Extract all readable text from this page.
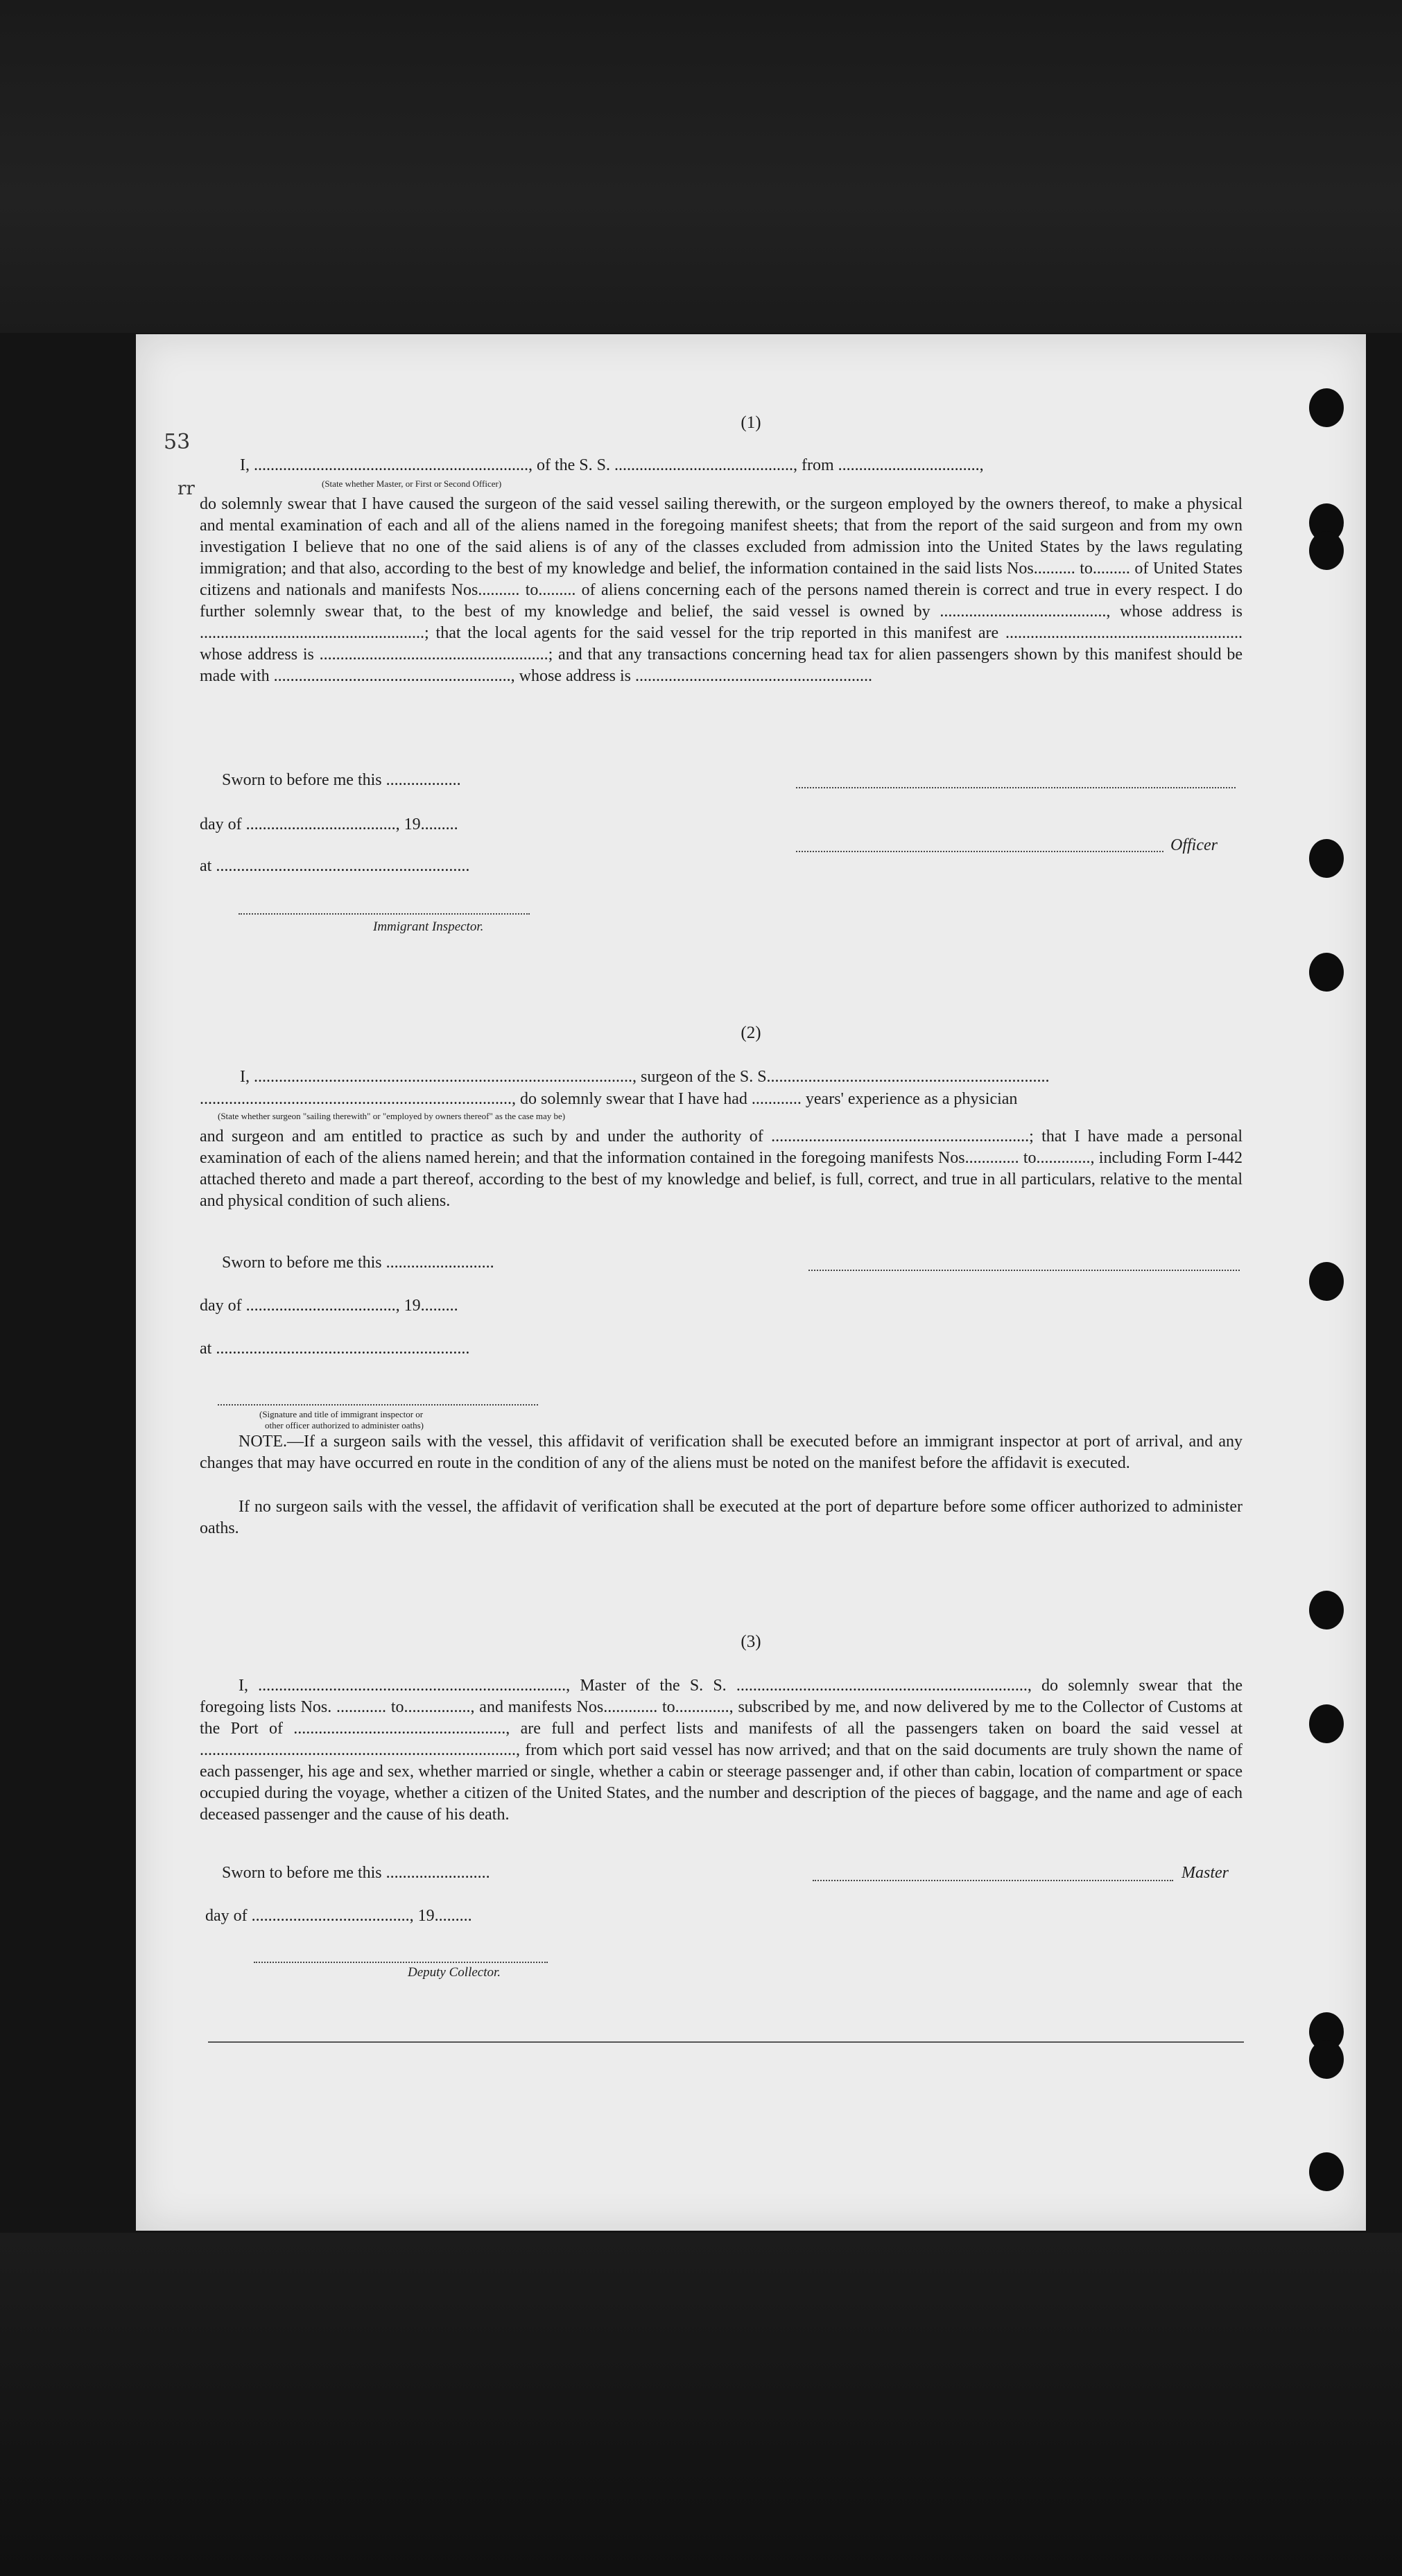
53
rr
(1)
I, .................................................................., of the S. S. ..........................................., from ..................................,
(State whether Master, or First or Second Officer)
do solemnly swear that I have caused the surgeon of the said vessel sailing therewith, or the surgeon employed by the owners thereof, to make a physical and mental examination of each and all of the aliens named in the foregoing manifest sheets; that from the report of the said surgeon and from my own investigation I believe that no one of the said aliens is of any of the classes excluded from admission into the United States by the laws regulating immigration; and that also, according to the best of my knowledge and belief, the information contained in the said lists Nos.......... to......... of United States citizens and nationals and manifests Nos.......... to......... of aliens concerning each of the persons named therein is correct and true in every respect. I do further solemnly swear that, to the best of my knowledge and belief, the said vessel is owned by ........................................, whose address is ......................................................; that the local agents for the said vessel for the trip reported in this manifest are ......................................................... whose address is .......................................................; and that any transactions concerning head tax for alien passengers shown by this manifest should be made with ........................................................., whose address is .........................................................
Sworn to before me this ..................
day of ...................................., 19.........
at .............................................................
Immigrant Inspector.
Officer
(2)
I, ..........................................................................................., surgeon of the S. S....................................................................
..........................................................................., do solemnly swear that I have had ............ years' experience as a physician
(State whether surgeon "sailing therewith" or "employed by owners thereof" as the case may be)
and surgeon and am entitled to practice as such by and under the authority of ..............................................................; that I have made a personal examination of each of the aliens named herein; and that the information contained in the foregoing manifests Nos............. to............., including Form I-442 attached thereto and made a part thereof, according to the best of my knowledge and belief, is full, correct, and true in all particulars, relative to the mental and physical condition of such aliens.
Sworn to before me this ..........................
day of ...................................., 19.........
at .............................................................
(Signature and title of immigrant inspector or
other officer authorized to administer oaths)
NOTE.—If a surgeon sails with the vessel, this affidavit of verification shall be executed before an immigrant inspector at port of arrival, and any changes that may have occurred en route in the condition of any of the aliens must be noted on the manifest before the affidavit is executed.
If no surgeon sails with the vessel, the affidavit of verification shall be executed at the port of departure before some officer authorized to administer oaths.
(3)
I, .........................................................................., Master of the S. S. ......................................................................, do solemnly swear that the foregoing lists Nos. ............ to................, and manifests Nos............. to............., subscribed by me, and now delivered by me to the Collector of Customs at the Port of ..................................................., are full and perfect lists and manifests of all the passengers taken on board the said vessel at ............................................................................, from which port said vessel has now arrived; and that on the said documents are truly shown the name of each passenger, his age and sex, whether married or single, whether a cabin or steerage passenger and, if other than cabin, location of compartment or space occupied during the voyage, whether a citizen of the United States, and the number and description of the pieces of baggage, and the name and age of each deceased passenger and the cause of his death.
Sworn to before me this .........................	Master
day of ......................................, 19.........
Deputy Collector.
